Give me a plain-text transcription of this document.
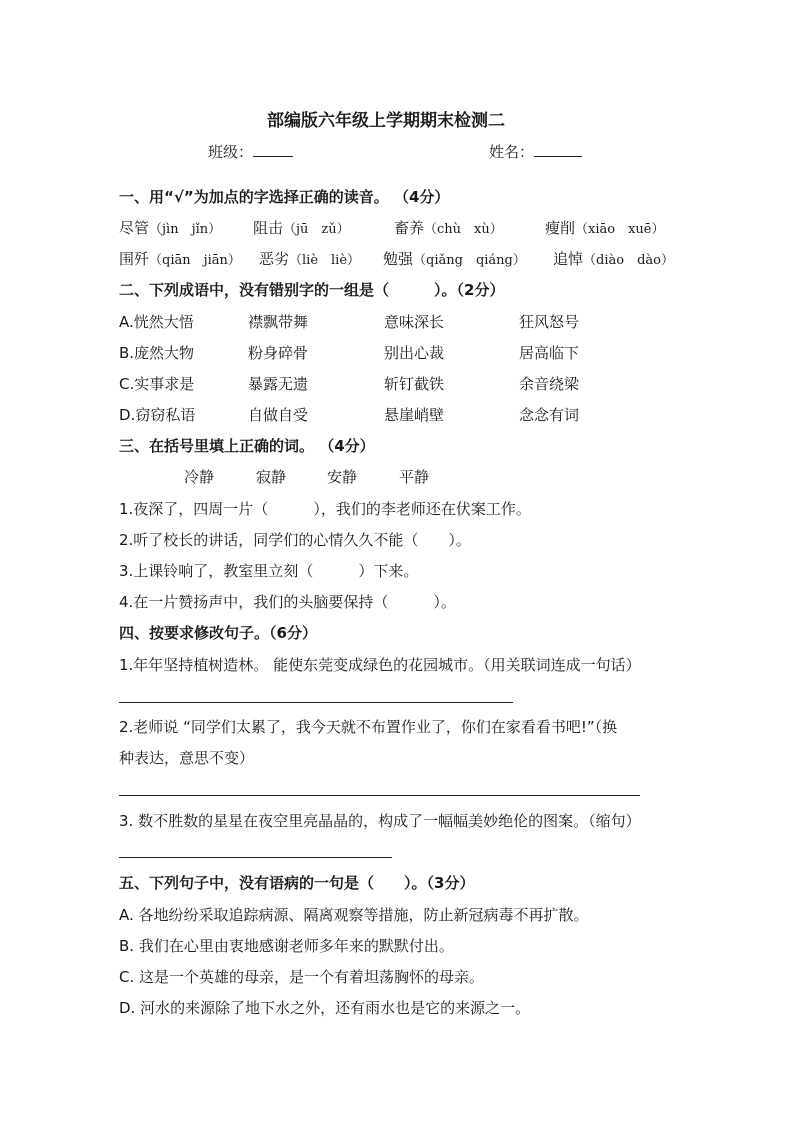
部编版六年级上学期期末检测二
班级：	姓名：
一、用“√”为加点的字选择正确的读音。 （4分）
尽管（jìn　jǐn） 阻击（jū　zǔ）	畜养（chù　xù）	瘦削（xiāo　xuē）
围歼（qiān　jiān） 恶劣（liè　liè） 勉强（qiǎng　qiáng） 追悼（diào　dào）
二、下列成语中，没有错别字的一组是（　　　）。（2分）
A.恍然大悟	襟飘带舞	意味深长	狂风怒号
B.庞然大物	粉身碎骨	别出心裁	居高临下
C.实事求是	暴露无遗	斩钉截铁	余音绕梁
D.窃窃私语	自做自受	悬崖峭壁	念念有词
三、在括号里填上正确的词。 （4分）
冷静	寂静	安静	平静
1.夜深了，四周一片（　　　），我们的李老师还在伏案工作。
2.听了校长的讲话，同学们的心情久久不能（　　）。
3.上课铃响了，教室里立刻（　　　）下来。
4.在一片赞扬声中，我们的头脑要保持（　　　）。
四、按要求修改句子。（6分）
1.年年坚持植树造林。 能使东莞变成绿色的花园城市。（用关联词连成一句话）
2.老师说 “同学们太累了，我今天就不布置作业了，你们在家看看书吧!”（换
种表达，意思不变）
3. 数不胜数的星星在夜空里亮晶晶的，构成了一幅幅美妙绝伦的图案。（缩句）
五、下列句子中，没有语病的一句是（　　）。（3分）
A. 各地纷纷采取追踪病源、隔离观察等措施，防止新冠病毒不再扩散。
B. 我们在心里由衷地感谢老师多年来的默默付出。
C. 这是一个英雄的母亲，是一个有着坦荡胸怀的母亲。
D. 河水的来源除了地下水之外，还有雨水也是它的来源之一。
